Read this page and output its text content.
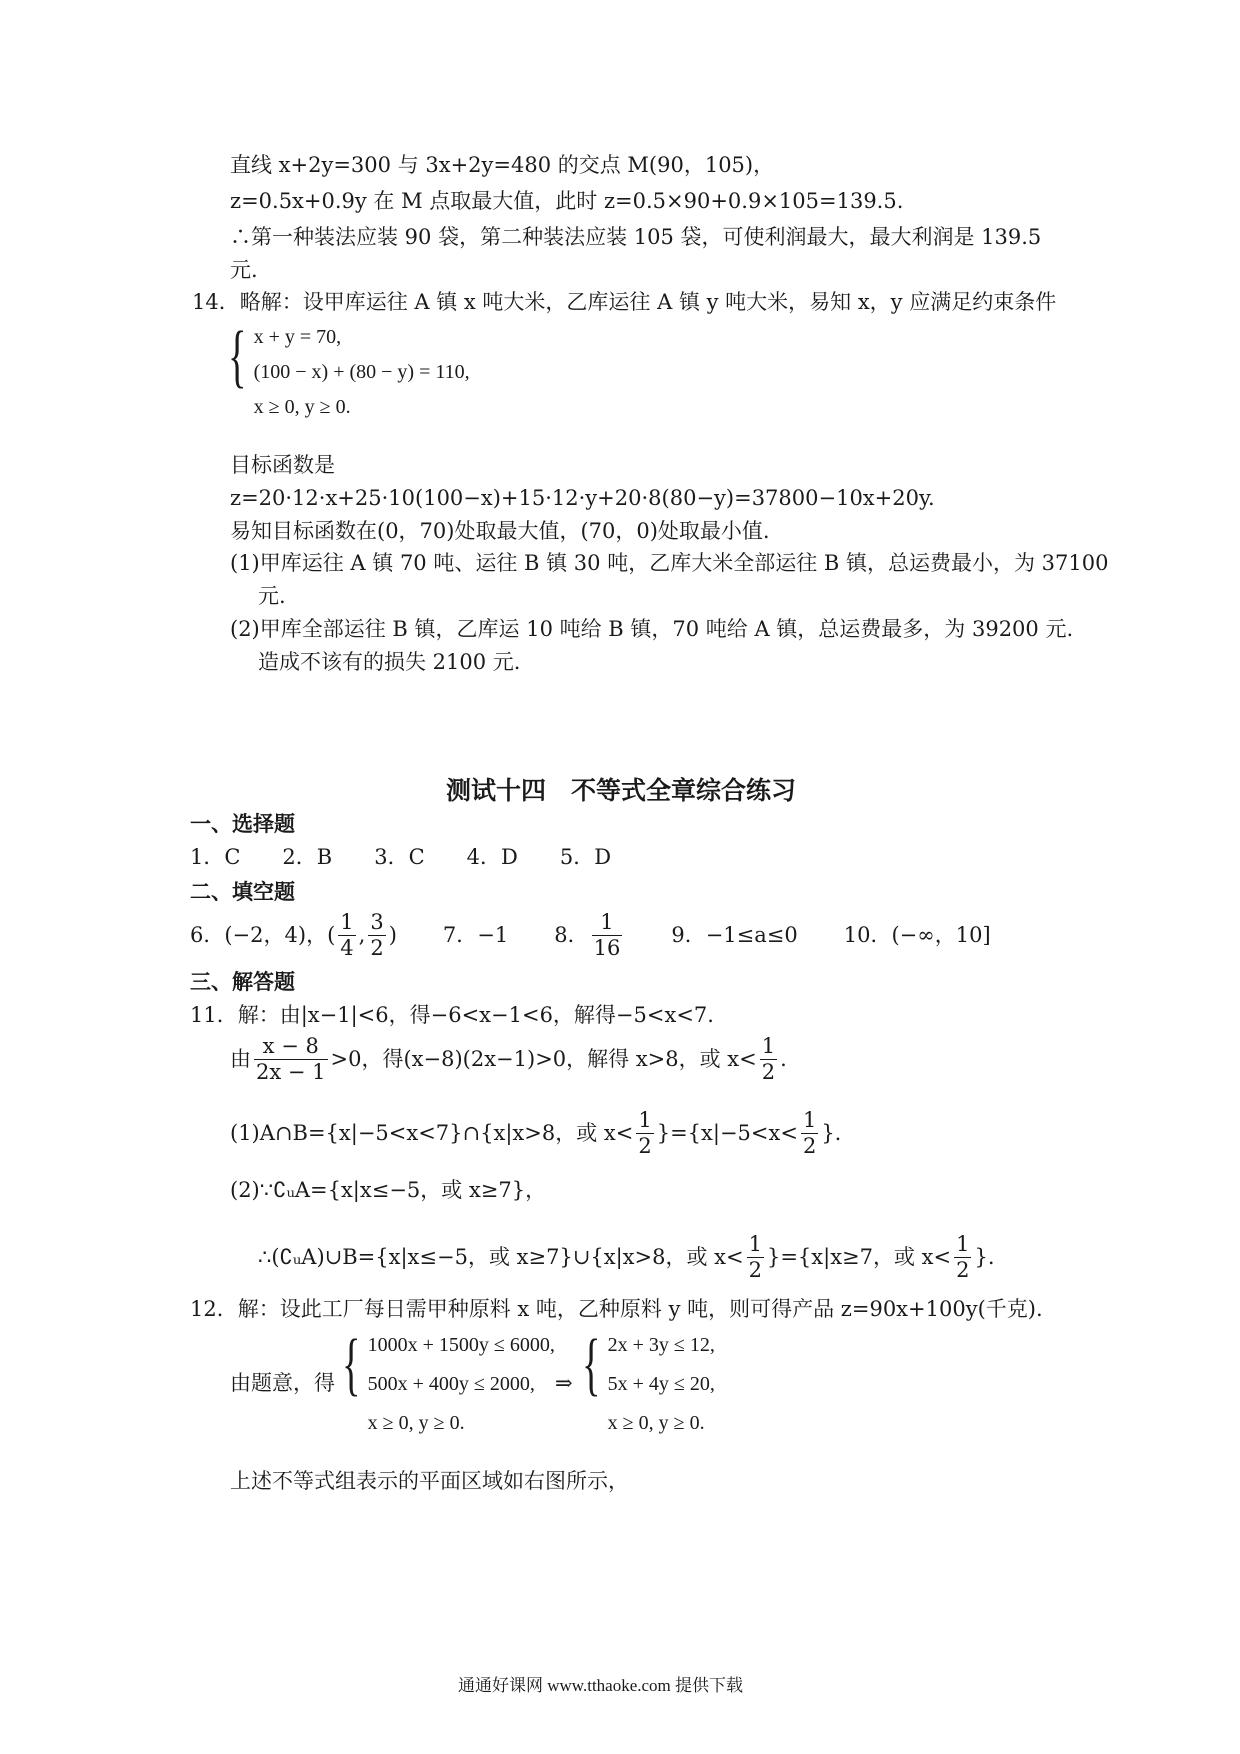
直线 x+2y=300 与 3x+2y=480 的交点 M(90，105)，
z=0.5x+0.9y 在 M 点取最大值，此时 z=0.5×90+0.9×105=139.5.
∴第一种装法应装 90 袋，第二种装法应装 105 袋，可使利润最大，最大利润是 139.5
元.
14．略解：设甲库运往 A 镇 x 吨大米，乙库运往 A 镇 y 吨大米，易知 x，y 应满足约束条件
{ x + y = 70,
(100 − x) + (80 − y) = 110,
x ≥ 0, y ≥ 0.
目标函数是
z=20·12·x+25·10(100−x)+15·12·y+20·8(80−y)=37800−10x+20y.
易知目标函数在(0，70)处取最大值，(70，0)处取最小值.
(1)甲库运往 A 镇 70 吨、运往 B 镇 30 吨，乙库大米全部运往 B 镇，总运费最小，为 37100
元.
(2)甲库全部运往 B 镇，乙库运 10 吨给 B 镇，70 吨给 A 镇，总运费最多，为 39200 元.
造成不该有的损失 2100 元.
测试十四　不等式全章综合练习
一、选择题
1．C　　2．B　　3．C　　4．D　　5．D
二、填空题
6．(−2，4)，( $\frac{1}{4}$ , $\frac{3}{2}$ ) 7．−1 8． $\frac{1}{16} 9$．−1≤a≤0 10．(−∞，10]
三、解答题
11．解：由|x−1|<6，得−6<x−1<6，解得−5<x<7.
由 $\frac{x - 8}{2x - 1} >0$，得(x−8)(2x−1)>0，解得 x>8，或 $x< \frac{1}{2}$ .
(1)A∩B={x|−5<x<7}∩{x|x>8，或 $x< \frac{1}{2} \}=\{x|-5<x< \frac{1}{2}$ }.
(2)∵∁ᵤA={x|x≤−5，或 x≥7}，
∴(∁ᵤA)∪B={x|x≤−5，或 x≥7}∪{x|x>8，或 $x< \frac{1}{2} \}=\{x|x\ge 7$，或 $x< \frac{1}{2}$ }.
12．解：设此工厂每日需甲种原料 x 吨，乙种原料 y 吨，则可得产品 z=90x+100y(千克).
由题意，得 { 1000x + 1500y ≤ 6000,
500x + 400y ≤ 2000,
x ≥ 0, y ≥ 0.
⇒ { 2x + 3y ≤ 12,
5x + 4y ≤ 20,
x ≥ 0, y ≥ 0.
上述不等式组表示的平面区域如右图所示，
通通好课网 www.tthaoke.com 提供下载
